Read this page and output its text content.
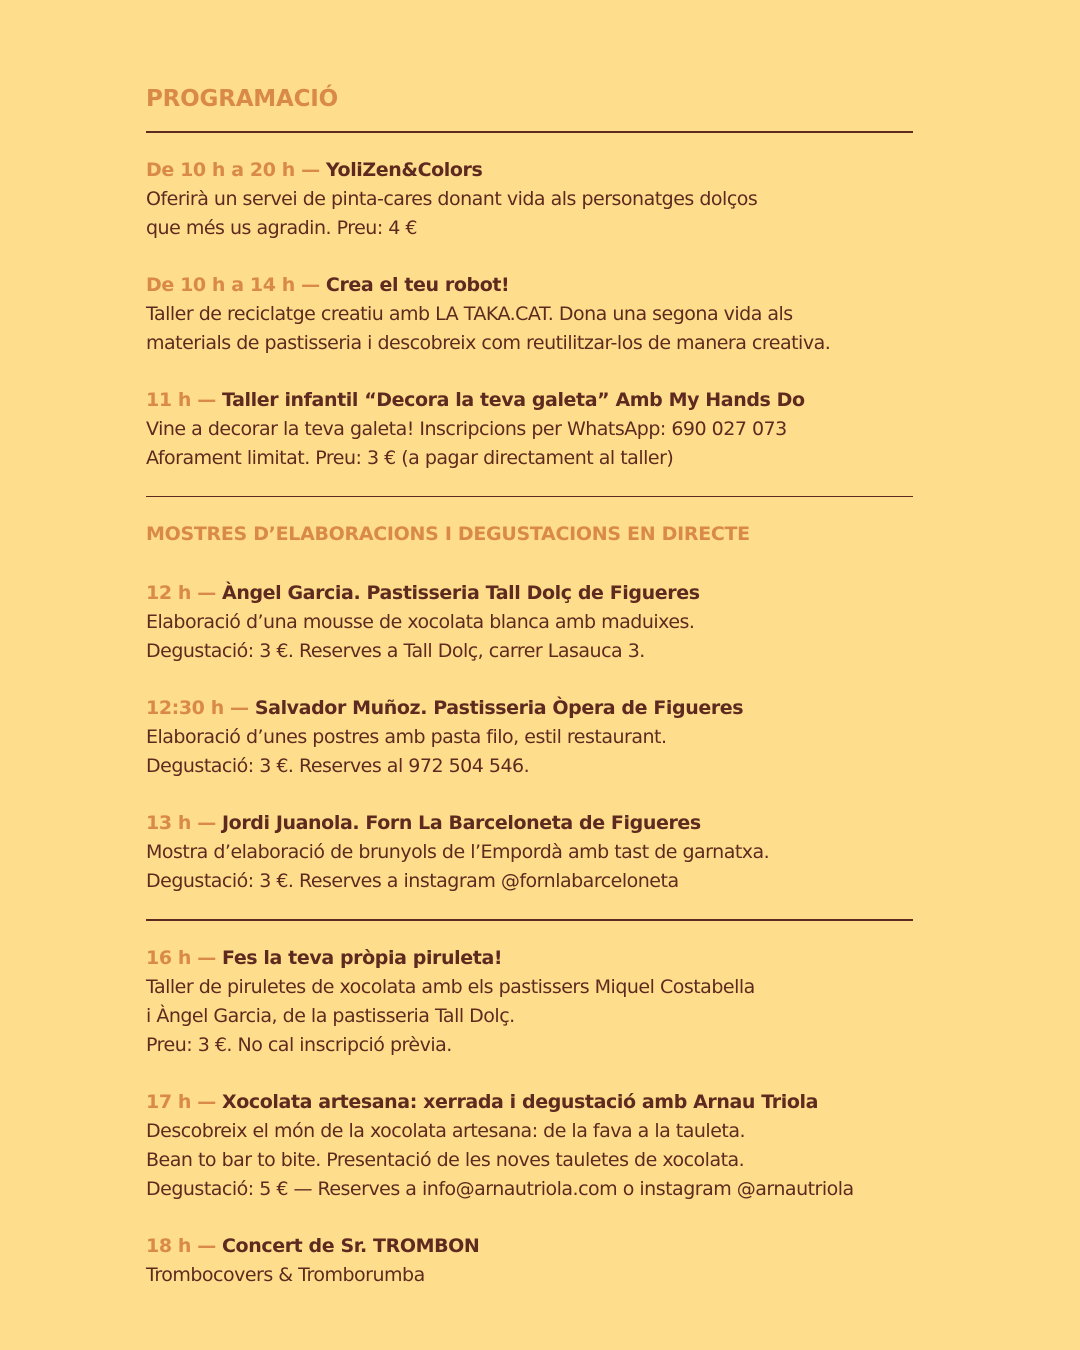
PROGRAMACIÓ
De 10 h a 20 h — YoliZen&Colors
Oferirà un servei de pinta-cares donant vida als personatges dolços
que més us agradin. Preu: 4 €
De 10 h a 14 h — Crea el teu robot!
Taller de reciclatge creatiu amb LA TAKA.CAT. Dona una segona vida als
materials de pastisseria i descobreix com reutilitzar-los de manera creativa.
11 h — Taller infantil “Decora la teva galeta” Amb My Hands Do
Vine a decorar la teva galeta! Inscripcions per WhatsApp: 690 027 073
Aforament limitat. Preu: 3 € (a pagar directament al taller)
MOSTRES D’ELABORACIONS I DEGUSTACIONS EN DIRECTE
12 h — Àngel Garcia. Pastisseria Tall Dolç de Figueres
Elaboració d’una mousse de xocolata blanca amb maduixes.
Degustació: 3 €. Reserves a Tall Dolç, carrer Lasauca 3.
12:30 h — Salvador Muñoz. Pastisseria Òpera de Figueres
Elaboració d’unes postres amb pasta filo, estil restaurant.
Degustació: 3 €. Reserves al 972 504 546.
13 h — Jordi Juanola. Forn La Barceloneta de Figueres
Mostra d’elaboració de brunyols de l’Empordà amb tast de garnatxa.
Degustació: 3 €. Reserves a instagram @fornlabarceloneta
16 h — Fes la teva pròpia piruleta!
Taller de piruletes de xocolata amb els pastissers Miquel Costabella
i Àngel Garcia, de la pastisseria Tall Dolç.
Preu: 3 €. No cal inscripció prèvia.
17 h — Xocolata artesana: xerrada i degustació amb Arnau Triola
Descobreix el món de la xocolata artesana: de la fava a la tauleta.
Bean to bar to bite. Presentació de les noves tauletes de xocolata.
Degustació: 5 € — Reserves a info@arnautriola.com o instagram @arnautriola
18 h — Concert de Sr. TROMBON
Trombocovers & Tromborumba
